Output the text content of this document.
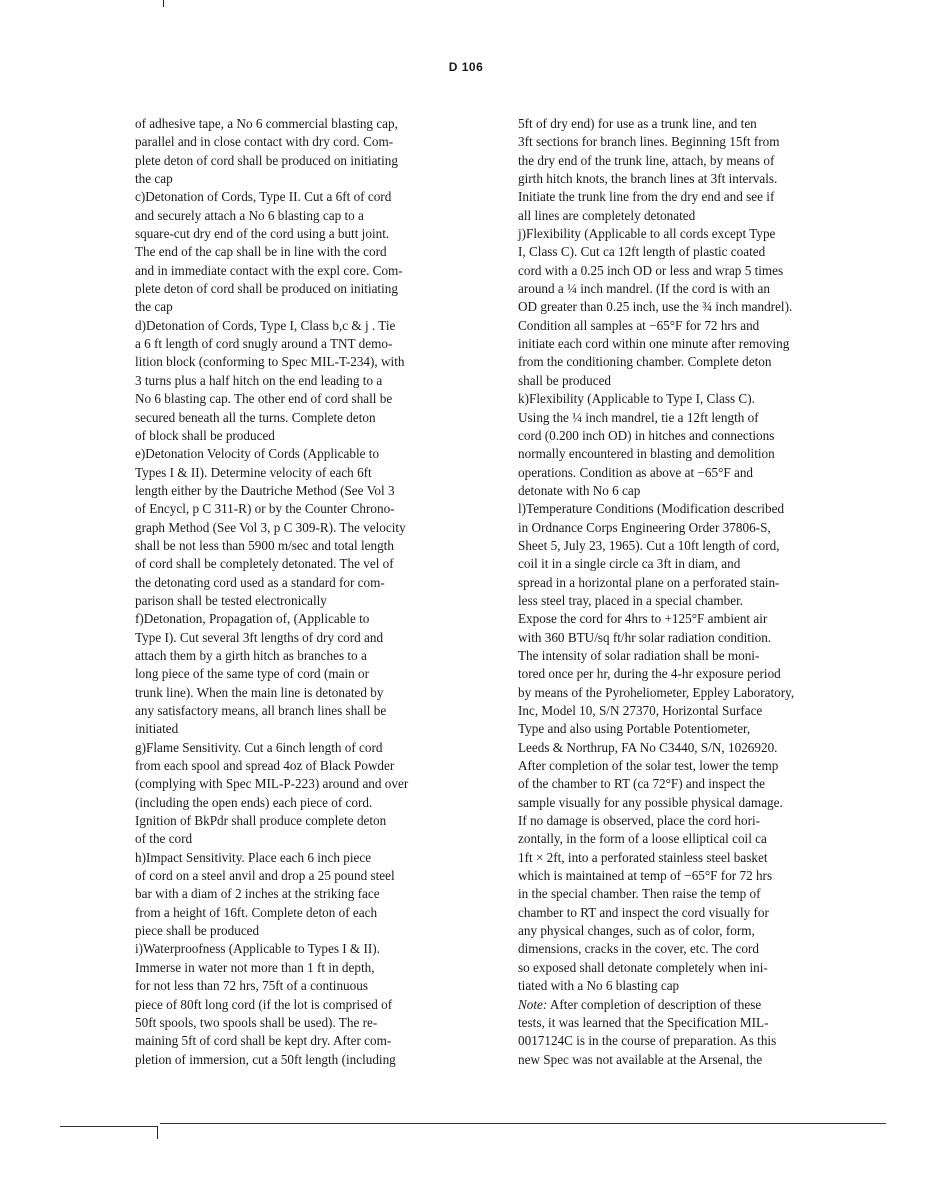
D 106
of adhesive tape, a No 6 commercial blasting cap,
parallel and in close contact with dry cord. Com-
plete deton of cord shall be produced on initiating
the cap
c)Detonation of Cords, Type II. Cut a 6ft of cord
and securely attach a No 6 blasting cap to a
square-cut dry end of the cord using a butt joint.
The end of the cap shall be in line with the cord
and in immediate contact with the expl core. Com-
plete deton of cord shall be produced on initiating
the cap
d)Detonation of Cords, Type I, Class b,c & j . Tie
a 6 ft length of cord snugly around a TNT demo-
lition block (conforming to Spec MIL-T-234), with
3 turns plus a half hitch on the end leading to a
No 6 blasting cap. The other end of cord shall be
secured beneath all the turns. Complete deton
of block shall be produced
e)Detonation Velocity of Cords (Applicable to
Types I & II). Determine velocity of each 6ft
length either by the Dautriche Method (See Vol 3
of Encycl, p C 311-R) or by the Counter Chrono-
graph Method (See Vol 3, p C 309-R). The velocity
shall be not less than 5900 m/sec and total length
of cord shall be completely detonated. The vel of
the detonating cord used as a standard for com-
parison shall be tested electronically
f)Detonation, Propagation of, (Applicable to
Type I). Cut several 3ft lengths of dry cord and
attach them by a girth hitch as branches to a
long piece of the same type of cord (main or
trunk line). When the main line is detonated by
any satisfactory means, all branch lines shall be
initiated
g)Flame Sensitivity. Cut a 6inch length of cord
from each spool and spread 4oz of Black Powder
(complying with Spec MIL-P-223) around and over
(including the open ends) each piece of cord.
Ignition of BkPdr shall produce complete deton
of the cord
h)Impact Sensitivity. Place each 6 inch piece
of cord on a steel anvil and drop a 25 pound steel
bar with a diam of 2 inches at the striking face
from a height of 16ft. Complete deton of each
piece shall be produced
i)Waterproofness (Applicable to Types I & II).
Immerse in water not more than 1 ft in depth,
for not less than 72 hrs, 75ft of a continuous
piece of 80ft long cord (if the lot is comprised of
50ft spools, two spools shall be used). The re-
maining 5ft of cord shall be kept dry. After com-
pletion of immersion, cut a 50ft length (including
5ft of dry end) for use as a trunk line, and ten
3ft sections for branch lines. Beginning 15ft from
the dry end of the trunk line, attach, by means of
girth hitch knots, the branch lines at 3ft intervals.
Initiate the trunk line from the dry end and see if
all lines are completely detonated
j)Flexibility (Applicable to all cords except Type
I, Class C). Cut ca 12ft length of plastic coated
cord with a 0.25 inch OD or less and wrap 5 times
around a ¼ inch mandrel. (If the cord is with an
OD greater than 0.25 inch, use the ¾ inch mandrel).
Condition all samples at −65°F for 72 hrs and
initiate each cord within one minute after removing
from the conditioning chamber. Complete deton
shall be produced
k)Flexibility (Applicable to Type I, Class C).
Using the ¼ inch mandrel, tie a 12ft length of
cord (0.200 inch OD) in hitches and connections
normally encountered in blasting and demolition
operations. Condition as above at −65°F and
detonate with No 6 cap
l)Temperature Conditions (Modification described
in Ordnance Corps Engineering Order 37806-S,
Sheet 5, July 23, 1965). Cut a 10ft length of cord,
coil it in a single circle ca 3ft in diam, and
spread in a horizontal plane on a perforated stain-
less steel tray, placed in a special chamber.
Expose the cord for 4hrs to +125°F ambient air
with 360 BTU/sq ft/hr solar radiation condition.
The intensity of solar radiation shall be moni-
tored once per hr, during the 4-hr exposure period
by means of the Pyroheliometer, Eppley Laboratory,
Inc, Model 10, S/N 27370, Horizontal Surface
Type and also using Portable Potentiometer,
Leeds & Northrup, FA No C3440, S/N, 1026920.
After completion of the solar test, lower the temp
of the chamber to RT (ca 72°F) and inspect the
sample visually for any possible physical damage.
If no damage is observed, place the cord hori-
zontally, in the form of a loose elliptical coil ca
1ft × 2ft, into a perforated stainless steel basket
which is maintained at temp of −65°F for 72 hrs
in the special chamber. Then raise the temp of
chamber to RT and inspect the cord visually for
any physical changes, such as of color, form,
dimensions, cracks in the cover, etc. The cord
so exposed shall detonate completely when ini-
tiated with a No 6 blasting cap
Note: After completion of description of these
tests, it was learned that the Specification MIL-
0017124C is in the course of preparation. As this
new Spec was not available at the Arsenal, the
